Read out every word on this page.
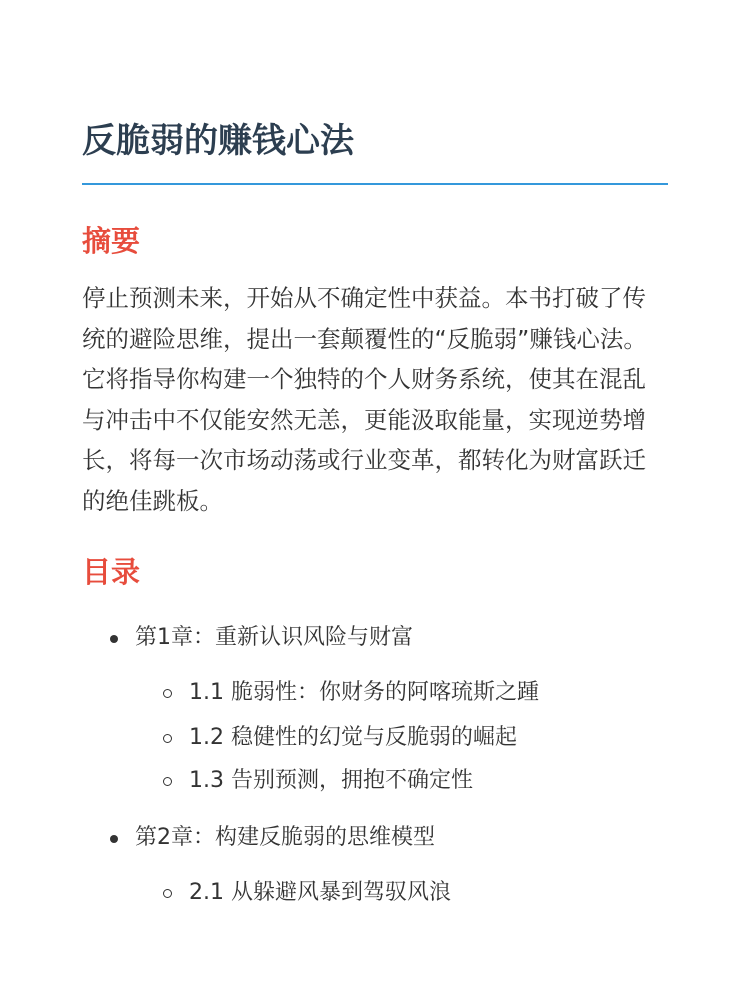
反脆弱的赚钱心法
摘要

停止预测未来，开始从不确定性中获益。本书打破了传统的避险思维，提出一套颠覆性的“反脆弱”赚钱心法。它将指导你构建一个独特的个人财务系统，使其在混乱与冲击中不仅能安然无恙，更能汲取能量，实现逆势增长，将每一次市场动荡或行业变革，都转化为财富跃迁的绝佳跳板。

目录
第1章：重新认识风险与财富
1.1 脆弱性：你财务的阿喀琉斯之踵
1.2 稳健性的幻觉与反脆弱的崛起
1.3 告别预测，拥抱不确定性
第2章：构建反脆弱的思维模型
2.1 从躲避风暴到驾驭风浪
